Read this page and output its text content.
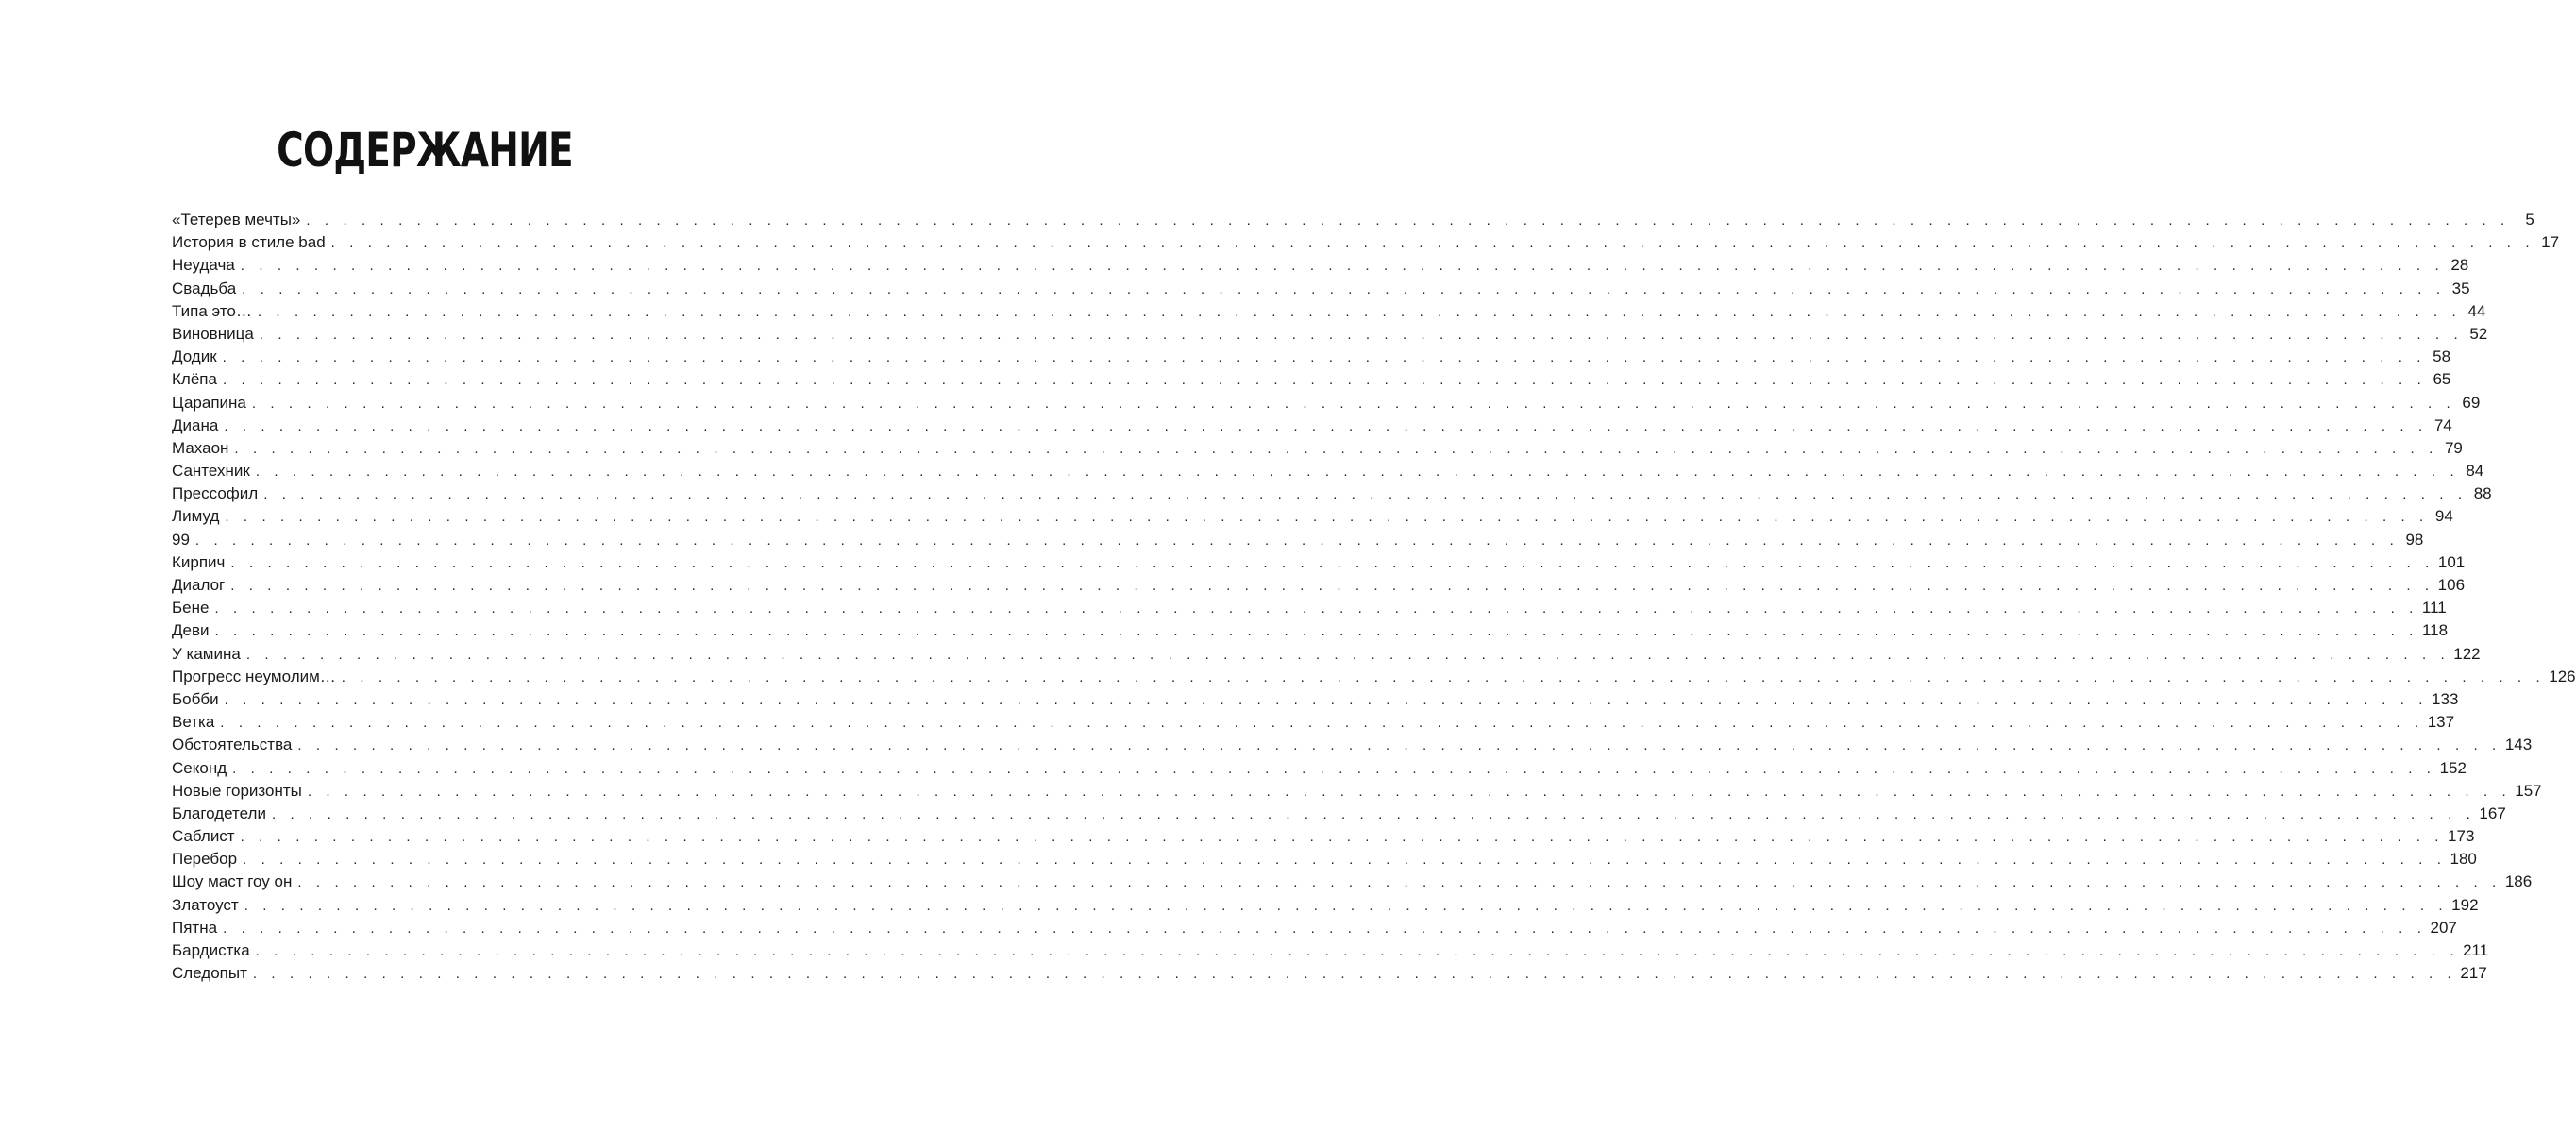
СОДЕРЖАНИЕ
«Тетерев мечты» . . . . . . . . . . . . . . . . . . . . . . . . . . . . . . . . . . . . . . . . . . . . . . . . . . . . . . . . . . . . . . . . . . . . . . . . . . . . . . . . . . . . . . . . . . . . . . . . . . . . . . . . . . . . . . . . . . . . . . . . 5
История в стиле bad . . . . . . . . . . . . . . . . . . . . . . . . . . . . . . . . . . . . . . . . . . . . . . . . . . . . . . . . . . . . . . . . . . . . . . . . . . . . . . . . . . . . . . . . . . . . . . . . . . . . . . . . . . . . . . . . . . . . . . . . 17
Неудача . . . . . . . . . . . . . . . . . . . . . . . . . . . . . . . . . . . . . . . . . . . . . . . . . . . . . . . . . . . . . . . . . . . . . . . . . . . . . . . . . . . . . . . . . . . . . . . . . . . . . . . . . . . . . . . . . . . . . . . . 28
Свадьба . . . . . . . . . . . . . . . . . . . . . . . . . . . . . . . . . . . . . . . . . . . . . . . . . . . . . . . . . . . . . . . . . . . . . . . . . . . . . . . . . . . . . . . . . . . . . . . . . . . . . . . . . . . . . . . . . . . . . . . . 35
Типа это… . . . . . . . . . . . . . . . . . . . . . . . . . . . . . . . . . . . . . . . . . . . . . . . . . . . . . . . . . . . . . . . . . . . . . . . . . . . . . . . . . . . . . . . . . . . . . . . . . . . . . . . . . . . . . . . . . . . . . . . . 44
Виновница . . . . . . . . . . . . . . . . . . . . . . . . . . . . . . . . . . . . . . . . . . . . . . . . . . . . . . . . . . . . . . . . . . . . . . . . . . . . . . . . . . . . . . . . . . . . . . . . . . . . . . . . . . . . . . . . . . . . . . . . 52
Додик . . . . . . . . . . . . . . . . . . . . . . . . . . . . . . . . . . . . . . . . . . . . . . . . . . . . . . . . . . . . . . . . . . . . . . . . . . . . . . . . . . . . . . . . . . . . . . . . . . . . . . . . . . . . . . . . . . . . . . . . 58
Клёпа . . . . . . . . . . . . . . . . . . . . . . . . . . . . . . . . . . . . . . . . . . . . . . . . . . . . . . . . . . . . . . . . . . . . . . . . . . . . . . . . . . . . . . . . . . . . . . . . . . . . . . . . . . . . . . . . . . . . . . . . 65
Царапина . . . . . . . . . . . . . . . . . . . . . . . . . . . . . . . . . . . . . . . . . . . . . . . . . . . . . . . . . . . . . . . . . . . . . . . . . . . . . . . . . . . . . . . . . . . . . . . . . . . . . . . . . . . . . . . . . . . . . . . . 69
Диана . . . . . . . . . . . . . . . . . . . . . . . . . . . . . . . . . . . . . . . . . . . . . . . . . . . . . . . . . . . . . . . . . . . . . . . . . . . . . . . . . . . . . . . . . . . . . . . . . . . . . . . . . . . . . . . . . . . . . . . . 74
Махаон . . . . . . . . . . . . . . . . . . . . . . . . . . . . . . . . . . . . . . . . . . . . . . . . . . . . . . . . . . . . . . . . . . . . . . . . . . . . . . . . . . . . . . . . . . . . . . . . . . . . . . . . . . . . . . . . . . . . . . . . 79
Сантехник . . . . . . . . . . . . . . . . . . . . . . . . . . . . . . . . . . . . . . . . . . . . . . . . . . . . . . . . . . . . . . . . . . . . . . . . . . . . . . . . . . . . . . . . . . . . . . . . . . . . . . . . . . . . . . . . . . . . . . . . 84
Прессофил . . . . . . . . . . . . . . . . . . . . . . . . . . . . . . . . . . . . . . . . . . . . . . . . . . . . . . . . . . . . . . . . . . . . . . . . . . . . . . . . . . . . . . . . . . . . . . . . . . . . . . . . . . . . . . . . . . . . . . . . 88
Лимуд . . . . . . . . . . . . . . . . . . . . . . . . . . . . . . . . . . . . . . . . . . . . . . . . . . . . . . . . . . . . . . . . . . . . . . . . . . . . . . . . . . . . . . . . . . . . . . . . . . . . . . . . . . . . . . . . . . . . . . . . 94
99 . . . . . . . . . . . . . . . . . . . . . . . . . . . . . . . . . . . . . . . . . . . . . . . . . . . . . . . . . . . . . . . . . . . . . . . . . . . . . . . . . . . . . . . . . . . . . . . . . . . . . . . . . . . . . . . . . . . . . . . . 98
Кирпич . . . . . . . . . . . . . . . . . . . . . . . . . . . . . . . . . . . . . . . . . . . . . . . . . . . . . . . . . . . . . . . . . . . . . . . . . . . . . . . . . . . . . . . . . . . . . . . . . . . . . . . . . . . . . . . . . . . . . . . . 101
Диалог . . . . . . . . . . . . . . . . . . . . . . . . . . . . . . . . . . . . . . . . . . . . . . . . . . . . . . . . . . . . . . . . . . . . . . . . . . . . . . . . . . . . . . . . . . . . . . . . . . . . . . . . . . . . . . . . . . . . . . . . 106
Бене . . . . . . . . . . . . . . . . . . . . . . . . . . . . . . . . . . . . . . . . . . . . . . . . . . . . . . . . . . . . . . . . . . . . . . . . . . . . . . . . . . . . . . . . . . . . . . . . . . . . . . . . . . . . . . . . . . . . . . . . 111
Деви . . . . . . . . . . . . . . . . . . . . . . . . . . . . . . . . . . . . . . . . . . . . . . . . . . . . . . . . . . . . . . . . . . . . . . . . . . . . . . . . . . . . . . . . . . . . . . . . . . . . . . . . . . . . . . . . . . . . . . . . 118
У камина . . . . . . . . . . . . . . . . . . . . . . . . . . . . . . . . . . . . . . . . . . . . . . . . . . . . . . . . . . . . . . . . . . . . . . . . . . . . . . . . . . . . . . . . . . . . . . . . . . . . . . . . . . . . . . . . . . . . . . . . 122
Прогресс неумолим… . . . . . . . . . . . . . . . . . . . . . . . . . . . . . . . . . . . . . . . . . . . . . . . . . . . . . . . . . . . . . . . . . . . . . . . . . . . . . . . . . . . . . . . . . . . . . . . . . . . . . . . . . . . . . . . . . . . . . . . . 126
Бобби . . . . . . . . . . . . . . . . . . . . . . . . . . . . . . . . . . . . . . . . . . . . . . . . . . . . . . . . . . . . . . . . . . . . . . . . . . . . . . . . . . . . . . . . . . . . . . . . . . . . . . . . . . . . . . . . . . . . . . . . 133
Ветка . . . . . . . . . . . . . . . . . . . . . . . . . . . . . . . . . . . . . . . . . . . . . . . . . . . . . . . . . . . . . . . . . . . . . . . . . . . . . . . . . . . . . . . . . . . . . . . . . . . . . . . . . . . . . . . . . . . . . . . . 137
Обстоятельства . . . . . . . . . . . . . . . . . . . . . . . . . . . . . . . . . . . . . . . . . . . . . . . . . . . . . . . . . . . . . . . . . . . . . . . . . . . . . . . . . . . . . . . . . . . . . . . . . . . . . . . . . . . . . . . . . . . . . . . . 143
Секонд . . . . . . . . . . . . . . . . . . . . . . . . . . . . . . . . . . . . . . . . . . . . . . . . . . . . . . . . . . . . . . . . . . . . . . . . . . . . . . . . . . . . . . . . . . . . . . . . . . . . . . . . . . . . . . . . . . . . . . . . 152
Новые горизонты . . . . . . . . . . . . . . . . . . . . . . . . . . . . . . . . . . . . . . . . . . . . . . . . . . . . . . . . . . . . . . . . . . . . . . . . . . . . . . . . . . . . . . . . . . . . . . . . . . . . . . . . . . . . . . . . . . . . . . . . 157
Благодетели . . . . . . . . . . . . . . . . . . . . . . . . . . . . . . . . . . . . . . . . . . . . . . . . . . . . . . . . . . . . . . . . . . . . . . . . . . . . . . . . . . . . . . . . . . . . . . . . . . . . . . . . . . . . . . . . . . . . . . . . 167
Саблист . . . . . . . . . . . . . . . . . . . . . . . . . . . . . . . . . . . . . . . . . . . . . . . . . . . . . . . . . . . . . . . . . . . . . . . . . . . . . . . . . . . . . . . . . . . . . . . . . . . . . . . . . . . . . . . . . . . . . . . . 173
Перебор . . . . . . . . . . . . . . . . . . . . . . . . . . . . . . . . . . . . . . . . . . . . . . . . . . . . . . . . . . . . . . . . . . . . . . . . . . . . . . . . . . . . . . . . . . . . . . . . . . . . . . . . . . . . . . . . . . . . . . . . 180
Шоу маст гоу он . . . . . . . . . . . . . . . . . . . . . . . . . . . . . . . . . . . . . . . . . . . . . . . . . . . . . . . . . . . . . . . . . . . . . . . . . . . . . . . . . . . . . . . . . . . . . . . . . . . . . . . . . . . . . . . . . . . . . . . . 186
Златоуст . . . . . . . . . . . . . . . . . . . . . . . . . . . . . . . . . . . . . . . . . . . . . . . . . . . . . . . . . . . . . . . . . . . . . . . . . . . . . . . . . . . . . . . . . . . . . . . . . . . . . . . . . . . . . . . . . . . . . . . . 192
Пятна . . . . . . . . . . . . . . . . . . . . . . . . . . . . . . . . . . . . . . . . . . . . . . . . . . . . . . . . . . . . . . . . . . . . . . . . . . . . . . . . . . . . . . . . . . . . . . . . . . . . . . . . . . . . . . . . . . . . . . . . 207
Бардистка . . . . . . . . . . . . . . . . . . . . . . . . . . . . . . . . . . . . . . . . . . . . . . . . . . . . . . . . . . . . . . . . . . . . . . . . . . . . . . . . . . . . . . . . . . . . . . . . . . . . . . . . . . . . . . . . . . . . . . . . 211
Следопыт . . . . . . . . . . . . . . . . . . . . . . . . . . . . . . . . . . . . . . . . . . . . . . . . . . . . . . . . . . . . . . . . . . . . . . . . . . . . . . . . . . . . . . . . . . . . . . . . . . . . . . . . . . . . . . . . . . . . . . . . 217
